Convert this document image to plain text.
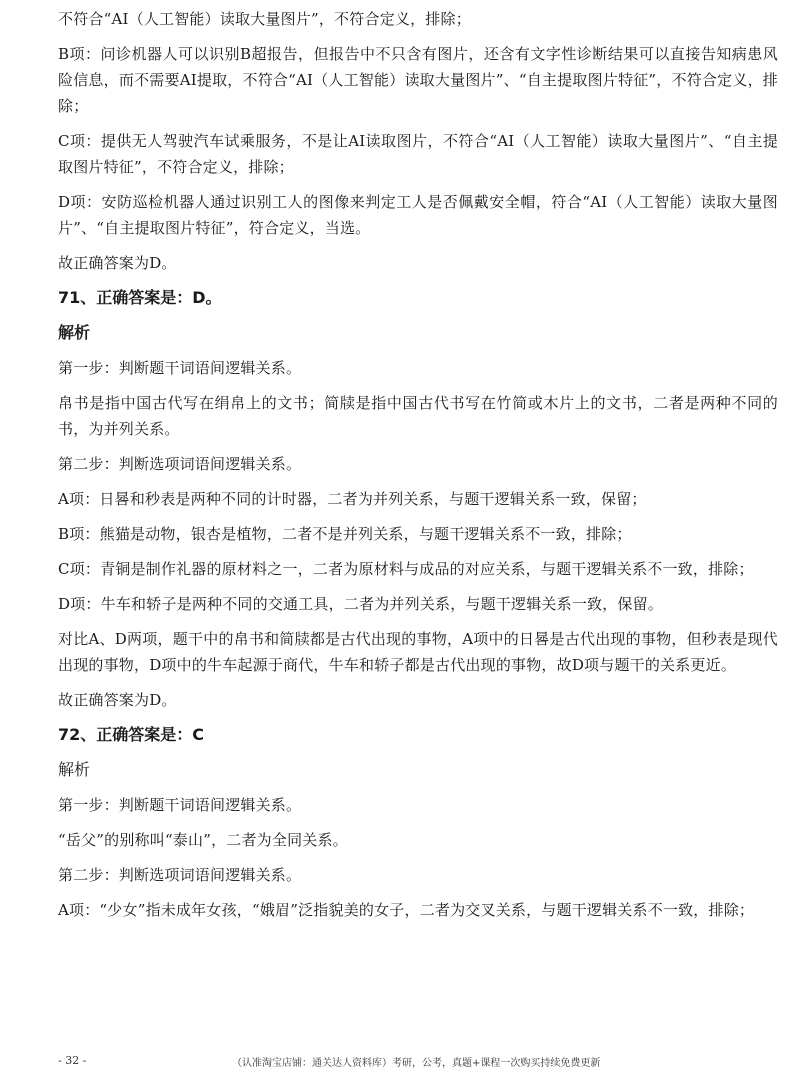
不符合“AI（人工智能）读取大量图片”，不符合定义，排除；

B项：问诊机器人可以识别B超报告，但报告中不只含有图片，还含有文字性诊断结果可以直接告知病患风险信息，而不需要AI提取，不符合“AI（人工智能）读取大量图片”、“自主提取图片特征”，不符合定义，排除；

C项：提供无人驾驶汽车试乘服务，不是让AI读取图片，不符合“AI（人工智能）读取大量图片”、“自主提取图片特征”，不符合定义，排除；

D项：安防巡检机器人通过识别工人的图像来判定工人是否佩戴安全帽，符合“AI（人工智能）读取大量图片”、“自主提取图片特征”，符合定义，当选。

故正确答案为D。

71、正确答案是：D。

解析

第一步：判断题干词语间逻辑关系。

帛书是指中国古代写在绢帛上的文书；简牍是指中国古代书写在竹简或木片上的文书，二者是两种不同的书，为并列关系。

第二步：判断选项词语间逻辑关系。

A项：日晷和秒表是两种不同的计时器，二者为并列关系，与题干逻辑关系一致，保留；

B项：熊猫是动物，银杏是植物，二者不是并列关系，与题干逻辑关系不一致，排除；

C项：青铜是制作礼器的原材料之一，二者为原材料与成品的对应关系，与题干逻辑关系不一致，排除；

D项：牛车和轿子是两种不同的交通工具，二者为并列关系，与题干逻辑关系一致，保留。

对比A、D两项，题干中的帛书和简牍都是古代出现的事物，A项中的日晷是古代出现的事物，但秒表是现代出现的事物，D项中的牛车起源于商代，牛车和轿子都是古代出现的事物，故D项与题干的关系更近。

故正确答案为D。

72、正确答案是：C

解析

第一步：判断题干词语间逻辑关系。

“岳父”的别称叫“泰山”，二者为全同关系。

第二步：判断选项词语间逻辑关系。

A项：“少女”指未成年女孩，“娥眉”泛指貌美的女子，二者为交叉关系，与题干逻辑关系不一致，排除；

- 32 -	（认准淘宝店铺：通关达人资料库）考研，公考，真题+课程一次购买持续免费更新
